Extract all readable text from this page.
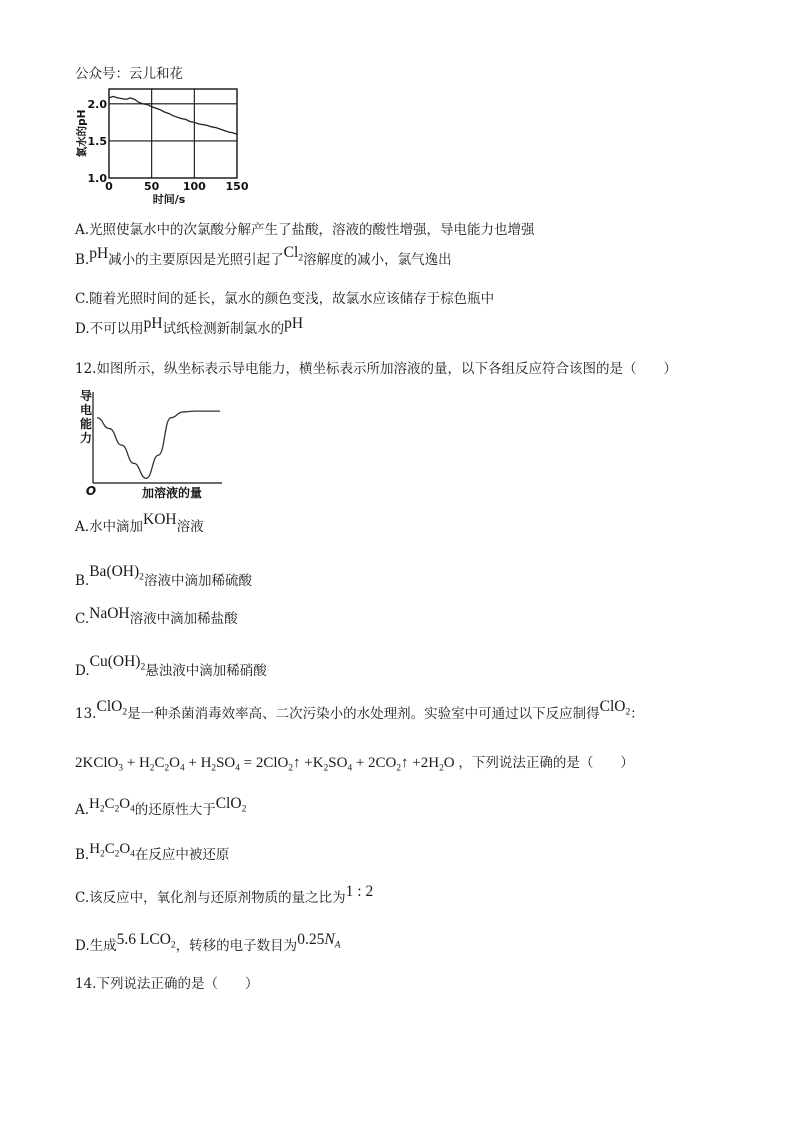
公众号：云儿和花
0	50 100 150
1.0
1.5
2.0
时间/s
氯水的pH
A.光照使氯水中的次氯酸分解产生了盐酸，溶液的酸性增强，导电能力也增强
B.pH减小的主要原因是光照引起了$Cl_2$溶解度的减小，氯气逸出
C.随着光照时间的延长，氯水的颜色变浅，故氯水应该储存于棕色瓶中
D.不可以用pH试纸检测新制氯水的pH
12.如图所示，纵坐标表示导电能力，横坐标表示所加溶液的量，以下各组反应符合该图的是（　　）
导
电
能
力
O	加溶液的量
A.水中滴加KOH溶液
$B.Ba(OH)_2$溶液中滴加稀硫酸
C.NaOH溶液中滴加稀盐酸
$D.Cu(OH)_2$悬浊液中滴加稀硝酸
13.ClO$_2$是一种杀菌消毒效率高、二次污染小的水处理剂。实验室中可通过以下反应制得ClO$_2$：
2KClO$_3$ + $H_2C_2O_4 + H_2SO_4$ = 2ClO$_2$↑ $+K_2SO_4$ + $2CO_2↑ +2H_2O$ ，下列说法正确的是（　　）
$A.H_2C_2O_4$的还原性大于ClO$_2$
$B.H_2C_2O_4$在反应中被还原
C.该反应中，氧化剂与还原剂物质的量之比为1 : 2
D.生成5.6 $LCO_2$，转移的电子数目为$0.25N_A$
14.下列说法正确的是（　　）
